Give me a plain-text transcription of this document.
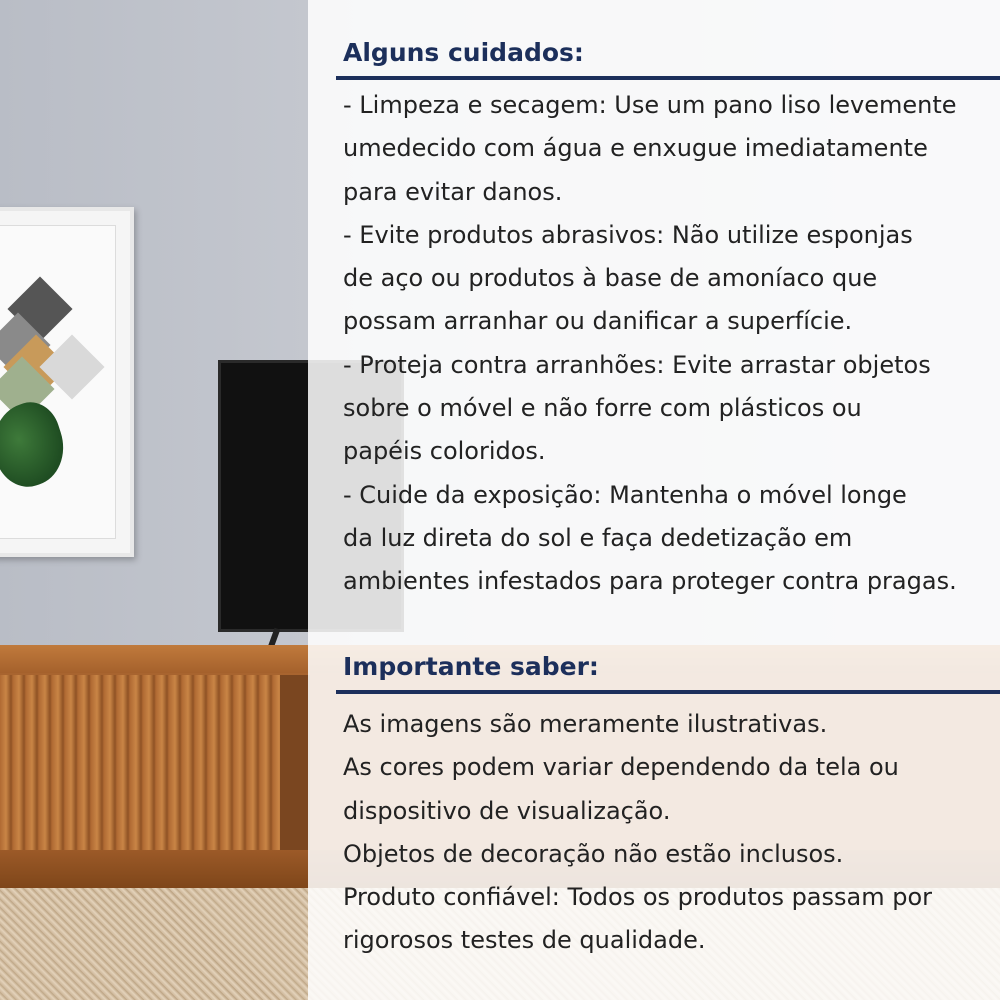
Alguns cuidados:

- Limpeza e secagem: Use um pano liso levemente
umedecido com água e enxugue imediatamente
para evitar danos.
- Evite produtos abrasivos: Não utilize esponjas
de aço ou produtos à base de amoníaco que
possam arranhar ou danificar a superfície.
- Proteja contra arranhões: Evite arrastar objetos
sobre o móvel e não forre com plásticos ou
papéis coloridos.
- Cuide da exposição: Mantenha o móvel longe
da luz direta do sol e faça dedetização em
ambientes infestados para proteger contra pragas.

Importante saber:

As imagens são meramente ilustrativas.
As cores podem variar dependendo da tela ou
dispositivo de visualização.
Objetos de decoração não estão inclusos.
Produto confiável: Todos os produtos passam por
rigorosos testes de qualidade.
